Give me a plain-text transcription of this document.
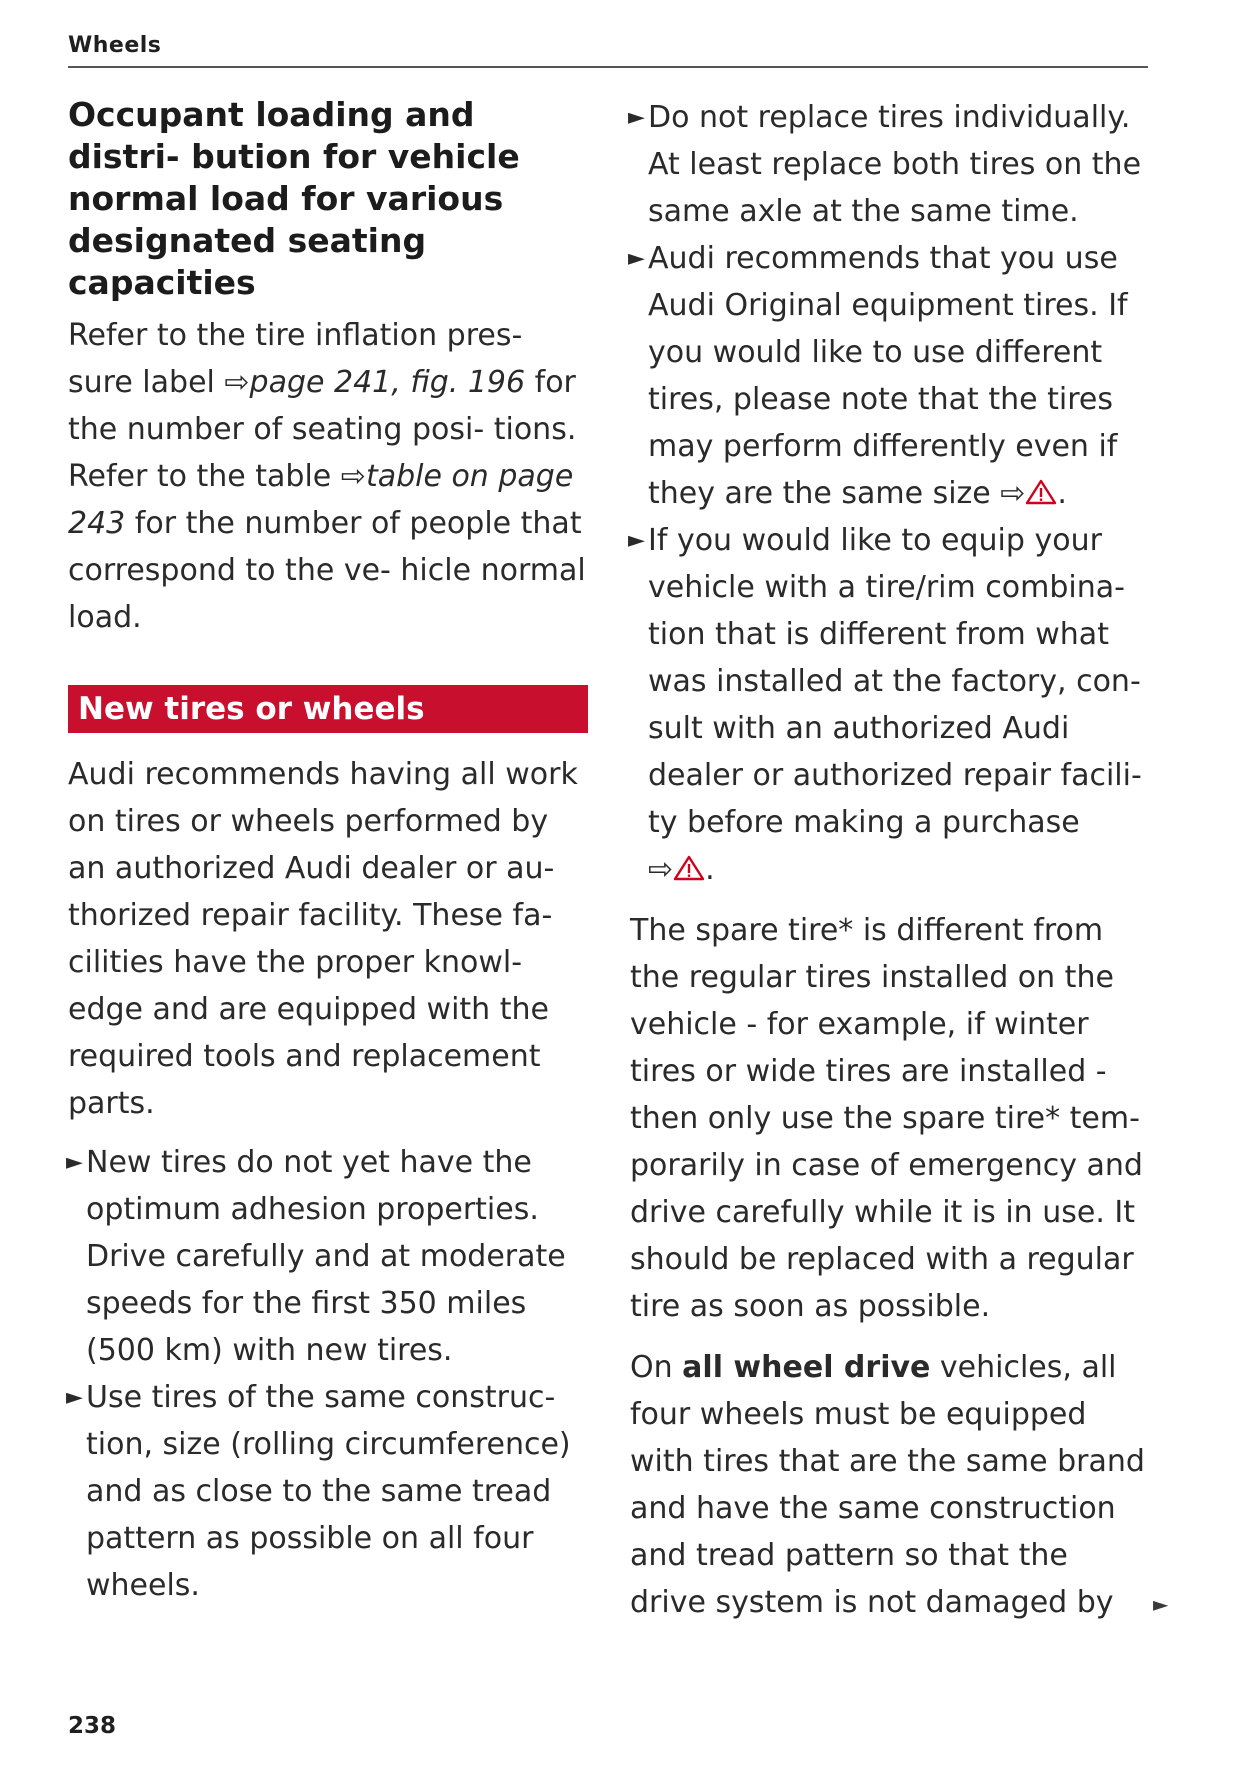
Wheels
Occupant loading and distri- bution for vehicle normal load for various designated seating capacities

Refer to the tire inflation pres- sure label ⇨page 241, fig. 196 for the number of seating posi- tions. Refer to the table ⇨table on page 243 for the number of people that correspond to the ve- hicle normal load.

New tires or wheels

Audi recommends having all work on tires or wheels performed by an authorized Audi dealer or au- thorized repair facility. These fa- cilities have the proper knowl- edge and are equipped with the required tools and replacement parts.

► New tires do not yet have the optimum adhesion properties. Drive carefully and at moderate speeds for the first 350 miles (500 km) with new tires.
► Use tires of the same construc- tion, size (rolling circumference) and as close to the same tread pattern as possible on all four wheels.
► Do not replace tires individually. At least replace both tires on the same axle at the same time.
► Audi recommends that you use Audi Original equipment tires. If you would like to use different tires, please note that the tires may perform differently even if they are the same size ⇨ .
► If you would like to equip your vehicle with a tire/rim combina- tion that is different from what was installed at the factory, con- sult with an authorized Audi dealer or authorized repair facili- ty before making a purchase
⇨ .

The spare tire* is different from the regular tires installed on the vehicle - for example, if winter tires or wide tires are installed - then only use the spare tire* tem- porarily in case of emergency and drive carefully while it is in use. It should be replaced with a regular tire as soon as possible.

On all wheel drive vehicles, all four wheels must be equipped with tires that are the same brand and have the same construction and tread pattern so that the drive system is not damaged by	►
238
